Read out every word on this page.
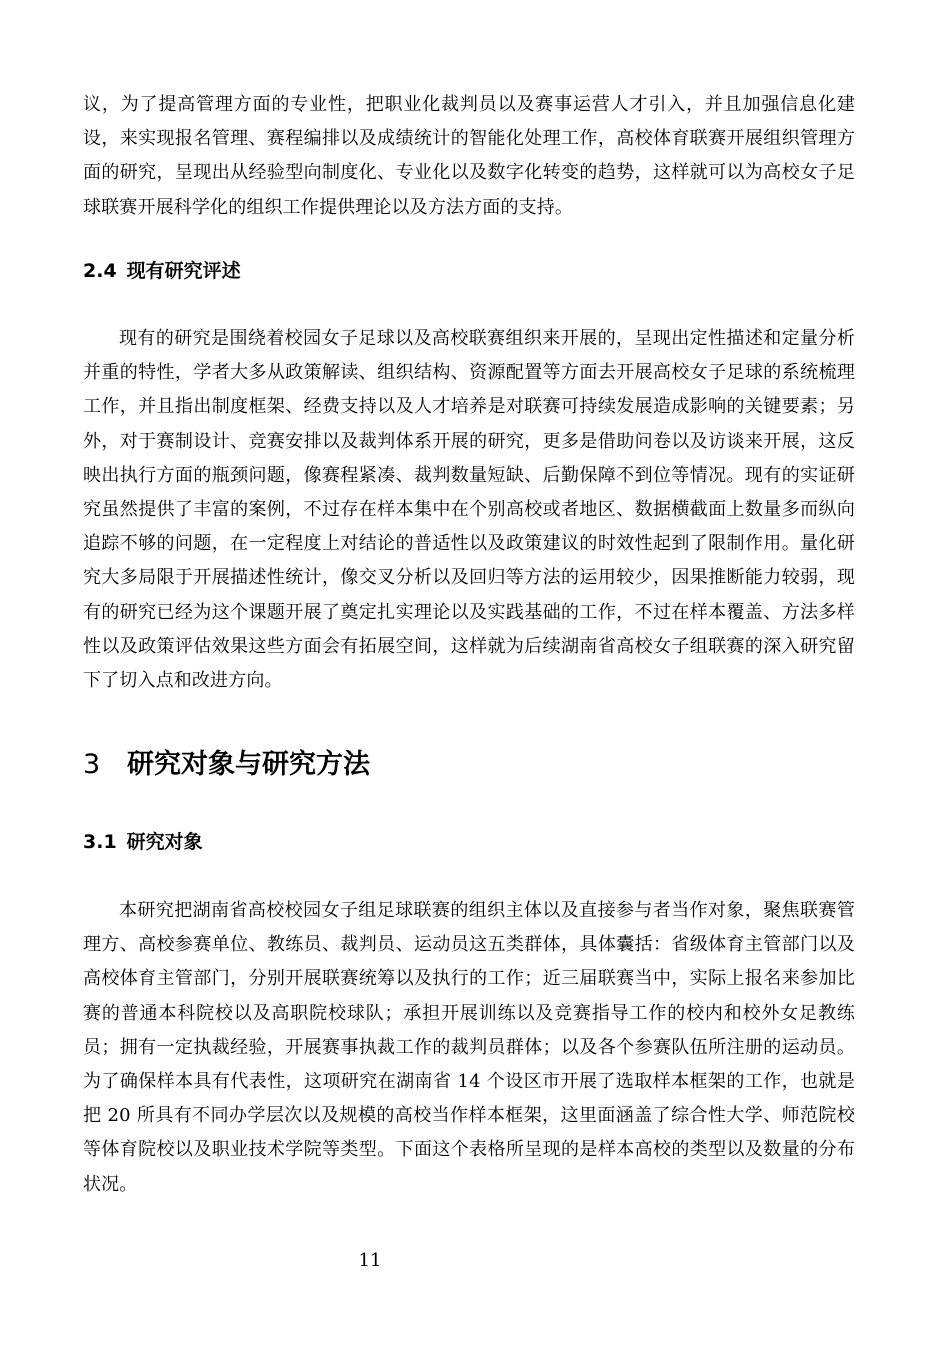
议，为了提高管理方面的专业性，把职业化裁判员以及赛事运营人才引入，并且加强信息化建设，来实现报名管理、赛程编排以及成绩统计的智能化处理工作，高校体育联赛开展组织管理方面的研究，呈现出从经验型向制度化、专业化以及数字化转变的趋势，这样就可以为高校女子足球联赛开展科学化的组织工作提供理论以及方法方面的支持。

2.4 现有研究评述

现有的研究是围绕着校园女子足球以及高校联赛组织来开展的，呈现出定性描述和定量分析并重的特性，学者大多从政策解读、组织结构、资源配置等方面去开展高校女子足球的系统梳理工作，并且指出制度框架、经费支持以及人才培养是对联赛可持续发展造成影响的关键要素；另外，对于赛制设计、竞赛安排以及裁判体系开展的研究，更多是借助问卷以及访谈来开展，这反映出执行方面的瓶颈问题，像赛程紧凑、裁判数量短缺、后勤保障不到位等情况。现有的实证研究虽然提供了丰富的案例，不过存在样本集中在个别高校或者地区、数据横截面上数量多而纵向追踪不够的问题，在一定程度上对结论的普适性以及政策建议的时效性起到了限制作用。量化研究大多局限于开展描述性统计，像交叉分析以及回归等方法的运用较少，因果推断能力较弱，现有的研究已经为这个课题开展了奠定扎实理论以及实践基础的工作，不过在样本覆盖、方法多样性以及政策评估效果这些方面会有拓展空间，这样就为后续湖南省高校女子组联赛的深入研究留下了切入点和改进方向。

3 研究对象与研究方法
3.1 研究对象

本研究把湖南省高校校园女子组足球联赛的组织主体以及直接参与者当作对象，聚焦联赛管理方、高校参赛单位、教练员、裁判员、运动员这五类群体，具体囊括：省级体育主管部门以及高校体育主管部门，分别开展联赛统筹以及执行的工作；近三届联赛当中，实际上报名来参加比赛的普通本科院校以及高职院校球队；承担开展训练以及竞赛指导工作的校内和校外女足教练员；拥有一定执裁经验，开展赛事执裁工作的裁判员群体；以及各个参赛队伍所注册的运动员。为了确保样本具有代表性，这项研究在湖南省 14 个设区市开展了选取样本框架的工作，也就是把 20 所具有不同办学层次以及规模的高校当作样本框架，这里面涵盖了综合性大学、师范院校等体育院校以及职业技术学院等类型。下面这个表格所呈现的是样本高校的类型以及数量的分布状况。

11
